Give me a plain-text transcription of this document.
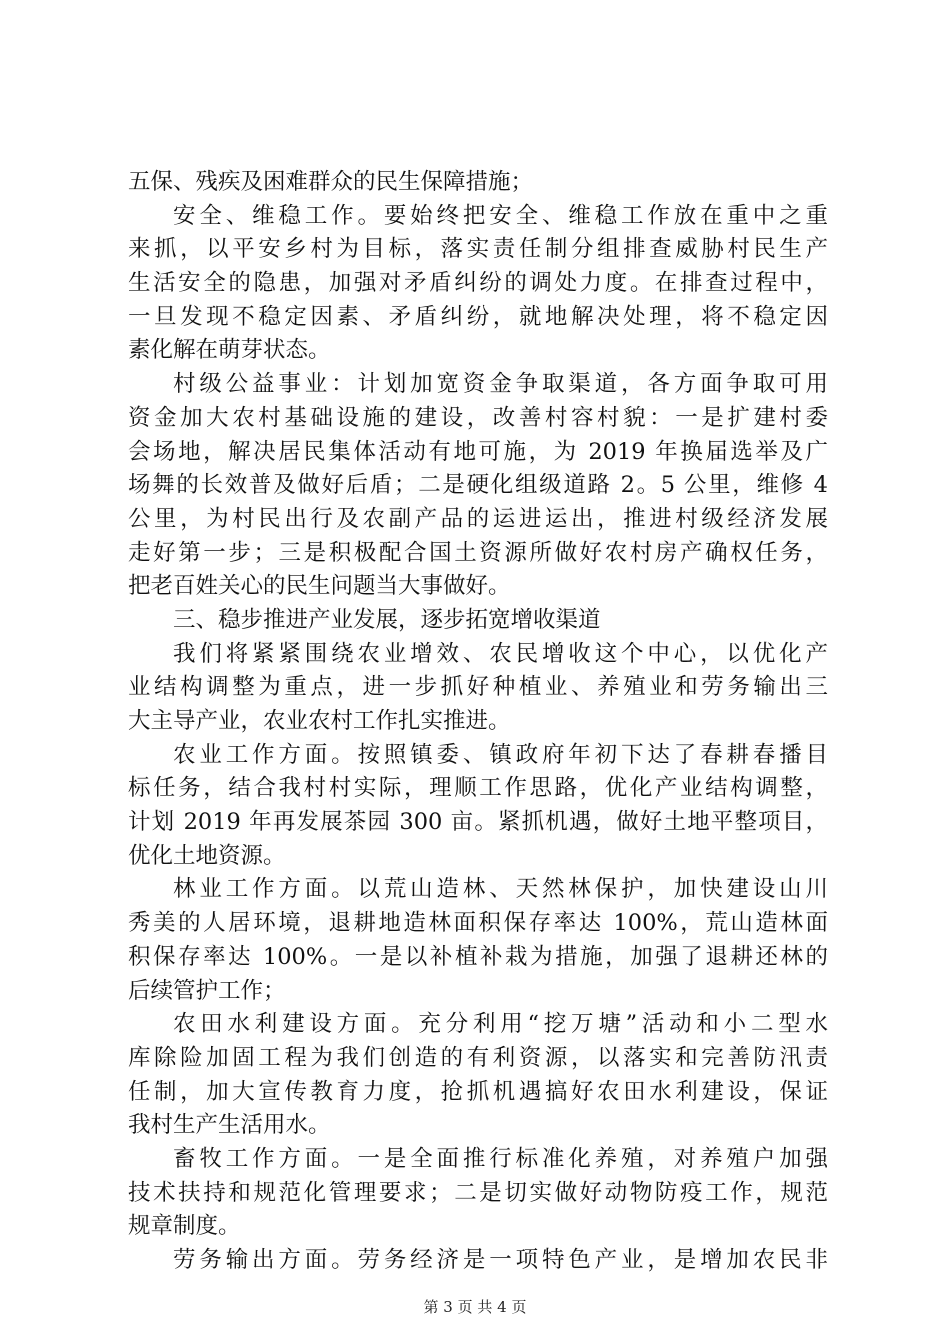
五保、残疾及困难群众的民生保障措施；
安全、维稳工作。要始终把安全、维稳工作放在重中之重
来抓，以平安乡村为目标，落实责任制分组排查威胁村民生产
生活安全的隐患，加强对矛盾纠纷的调处力度。在排查过程中，
一旦发现不稳定因素、矛盾纠纷，就地解决处理，将不稳定因
素化解在萌芽状态。
村级公益事业：计划加宽资金争取渠道，各方面争取可用
资金加大农村基础设施的建设，改善村容村貌：一是扩建村委
会场地，解决居民集体活动有地可施，为 2019 年换届选举及广
场舞的长效普及做好后盾；二是硬化组级道路 2。5 公里，维修 4
公里，为村民出行及农副产品的运进运出，推进村级经济发展
走好第一步；三是积极配合国土资源所做好农村房产确权任务，
把老百姓关心的民生问题当大事做好。
三、稳步推进产业发展，逐步拓宽增收渠道
我们将紧紧围绕农业增效、农民增收这个中心，以优化产
业结构调整为重点，进一步抓好种植业、养殖业和劳务输出三
大主导产业，农业农村工作扎实推进。
农业工作方面。按照镇委、镇政府年初下达了春耕春播目
标任务，结合我村村实际，理顺工作思路，优化产业结构调整，
计划 2019 年再发展茶园 300 亩。紧抓机遇，做好土地平整项目，
优化土地资源。
林业工作方面。以荒山造林、天然林保护，加快建设山川
秀美的人居环境，退耕地造林面积保存率达 100%，荒山造林面
积保存率达 100%。一是以补植补栽为措施，加强了退耕还林的
后续管护工作；
农田水利建设方面。充分利用“挖万塘”活动和小二型水
库除险加固工程为我们创造的有利资源，以落实和完善防汛责
任制，加大宣传教育力度，抢抓机遇搞好农田水利建设，保证
我村生产生活用水。
畜牧工作方面。一是全面推行标准化养殖，对养殖户加强
技术扶持和规范化管理要求；二是切实做好动物防疫工作，规范
规章制度。
劳务输出方面。劳务经济是一项特色产业，是增加农民非
第 3 页 共 4 页
